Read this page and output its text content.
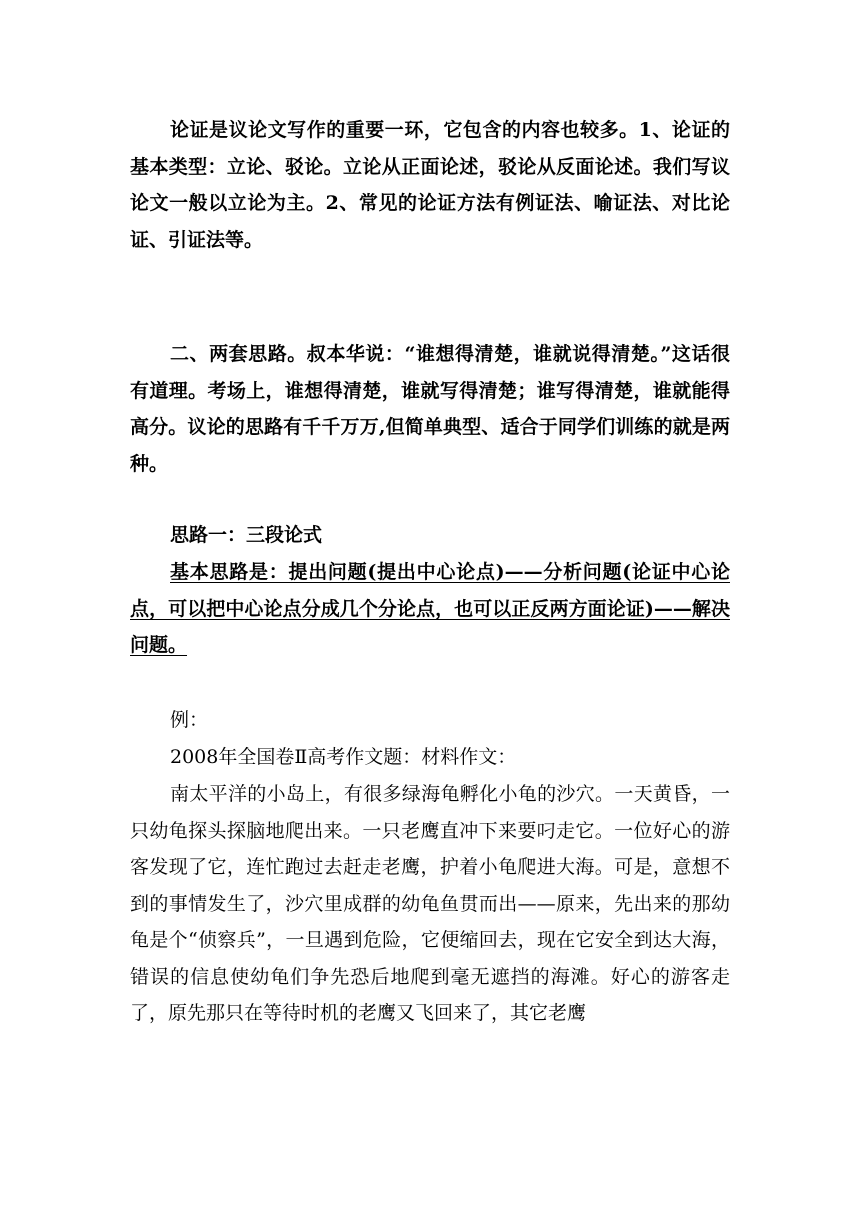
论证是议论文写作的重要一环，它包含的内容也较多。1、论证的基本类型：立论、驳论。立论从正面论述，驳论从反面论述。我们写议论文一般以立论为主。2、常见的论证方法有例证法、喻证法、对比论证、引证法等。

二、两套思路。叔本华说：“谁想得清楚，谁就说得清楚。”这话很有道理。考场上，谁想得清楚，谁就写得清楚；谁写得清楚，谁就能得高分。议论的思路有千千万万,但简单典型、适合于同学们训练的就是两种。

思路一：三段论式

基本思路是：提出问题(提出中心论点)——分析问题(论证中心论点，可以把中心论点分成几个分论点，也可以正反两方面论证)——解决问题。

例：

2008年全国卷Ⅱ高考作文题：材料作文：

南太平洋的小岛上，有很多绿海龟孵化小龟的沙穴。一天黄昏，一只幼龟探头探脑地爬出来。一只老鹰直冲下来要叼走它。一位好心的游客发现了它，连忙跑过去赶走老鹰，护着小龟爬进大海。可是，意想不到的事情发生了，沙穴里成群的幼龟鱼贯而出——原来，先出来的那幼龟是个“侦察兵”，一旦遇到危险，它便缩回去，现在它安全到达大海，错误的信息使幼龟们争先恐后地爬到毫无遮挡的海滩。好心的游客走了，原先那只在等待时机的老鹰又飞回来了，其它老鹰
